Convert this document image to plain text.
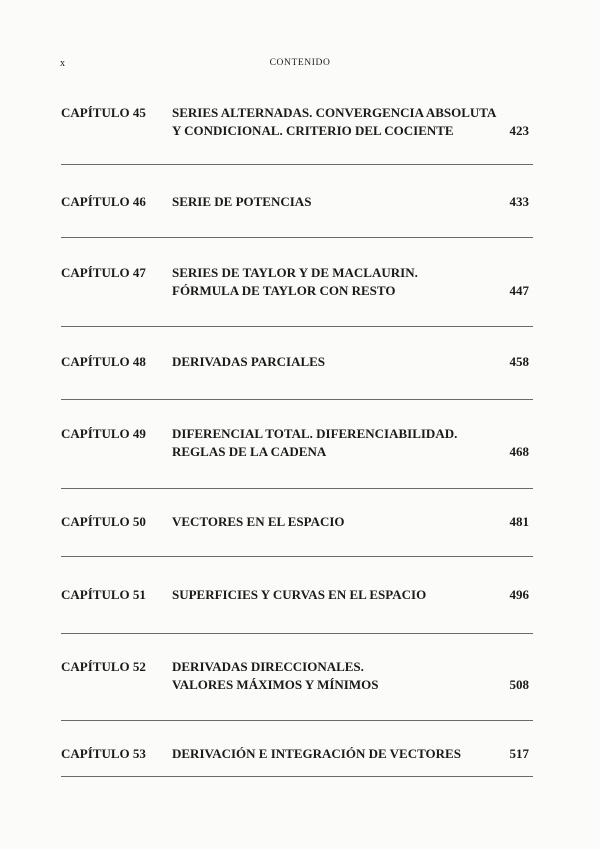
x	CONTENIDO
CAPÍTULO 45	SERIES ALTERNADAS. CONVERGENCIA ABSOLUTA
Y CONDICIONAL. CRITERIO DEL COCIENTE	423
CAPÍTULO 46	SERIE DE POTENCIAS	433
CAPÍTULO 47	SERIES DE TAYLOR Y DE MACLAURIN.
FÓRMULA DE TAYLOR CON RESTO	447
CAPÍTULO 48	DERIVADAS PARCIALES	458
CAPÍTULO 49	DIFERENCIAL TOTAL. DIFERENCIABILIDAD.
REGLAS DE LA CADENA	468
CAPÍTULO 50	VECTORES EN EL ESPACIO	481
CAPÍTULO 51	SUPERFICIES Y CURVAS EN EL ESPACIO	496
CAPÍTULO 52	DERIVADAS DIRECCIONALES.
VALORES MÁXIMOS Y MÍNIMOS	508
CAPÍTULO 53	DERIVACIÓN E INTEGRACIÓN DE VECTORES	517
